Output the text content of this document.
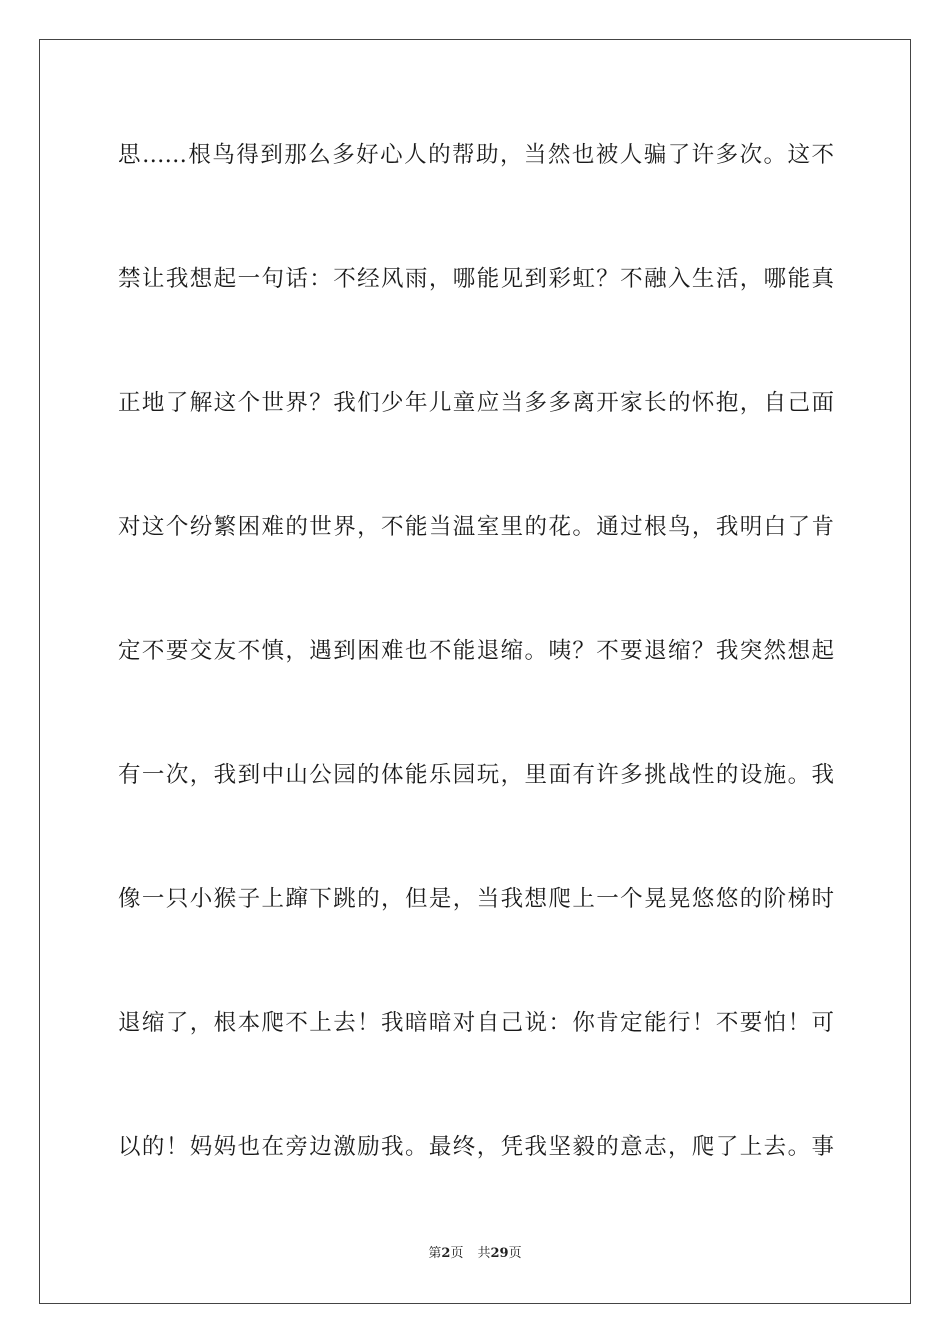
思……根鸟得到那么多好心人的帮助，当然也被人骗了许多次。这不
禁让我想起一句话：不经风雨，哪能见到彩虹？不融入生活，哪能真
正地了解这个世界？我们少年儿童应当多多离开家长的怀抱，自己面
对这个纷繁困难的世界，不能当温室里的花。通过根鸟，我明白了肯
定不要交友不慎，遇到困难也不能退缩。咦？不要退缩？我突然想起
有一次，我到中山公园的体能乐园玩，里面有许多挑战性的设施。我
像一只小猴子上蹿下跳的，但是，当我想爬上一个晃晃悠悠的阶梯时
退缩了，根本爬不上去！我暗暗对自己说：你肯定能行！不要怕！可
以的！妈妈也在旁边激励我。最终，凭我坚毅的意志，爬了上去。事
第2页 共29页
